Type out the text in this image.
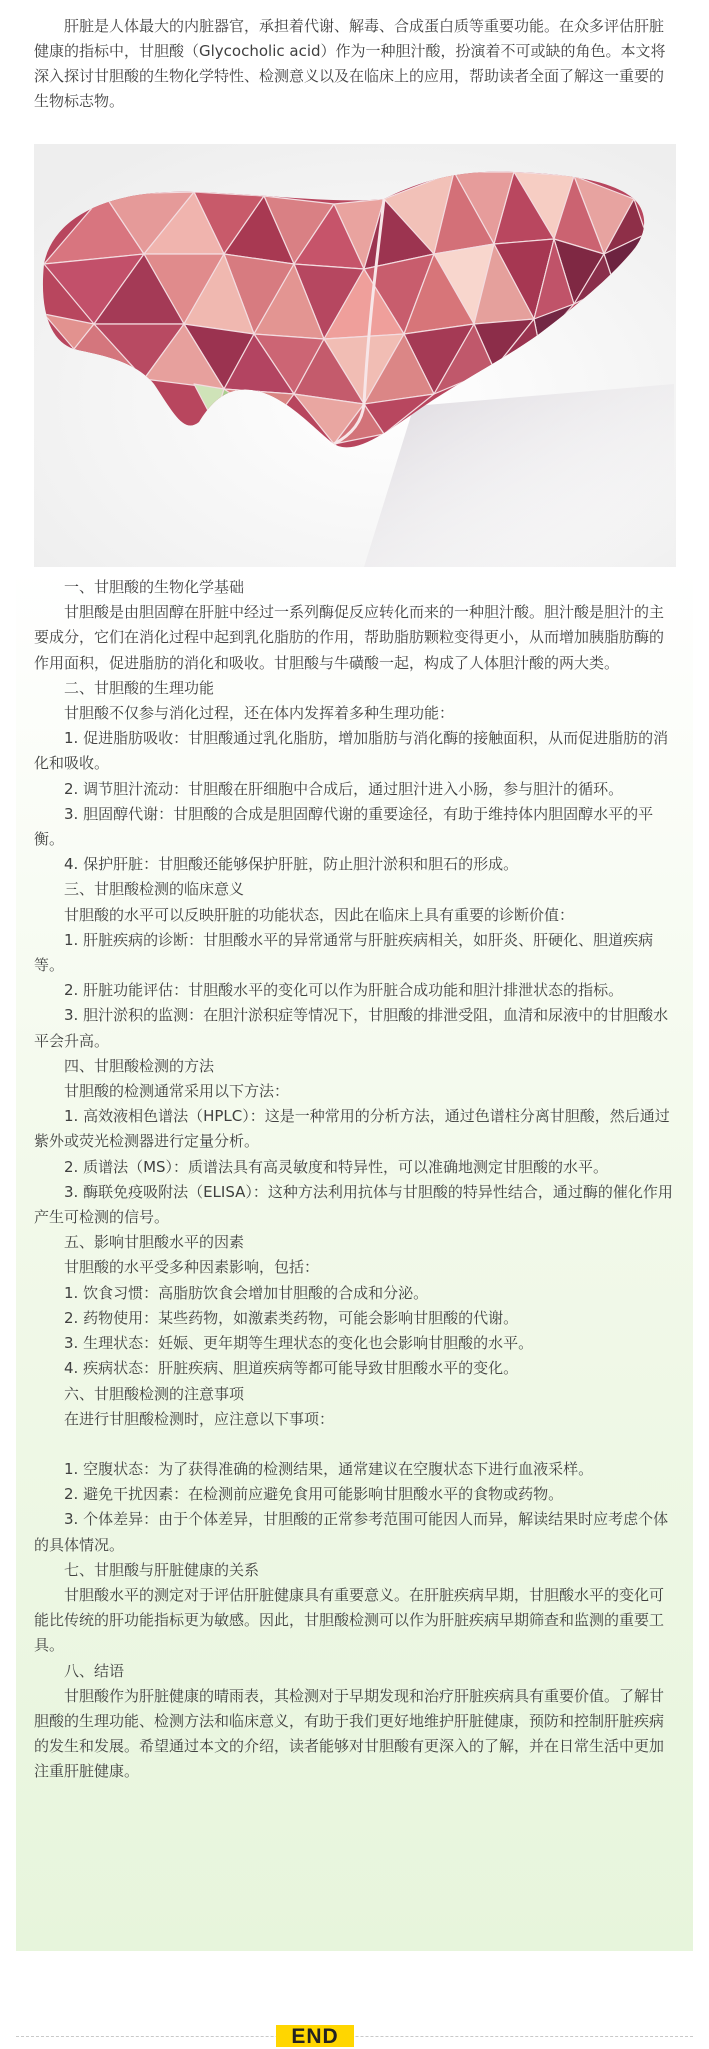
肝脏是人体最大的内脏器官，承担着代谢、解毒、合成蛋白质等重要功能。在众多评估肝脏健康的指标中，甘胆酸（Glycocholic acid）作为一种胆汁酸，扮演着不可或缺的角色。本文将深入探讨甘胆酸的生物化学特性、检测意义以及在临床上的应用，帮助读者全面了解这一重要的生物标志物。

一、甘胆酸的生物化学基础

甘胆酸是由胆固醇在肝脏中经过一系列酶促反应转化而来的一种胆汁酸。胆汁酸是胆汁的主要成分，它们在消化过程中起到乳化脂肪的作用，帮助脂肪颗粒变得更小，从而增加胰脂肪酶的作用面积，促进脂肪的消化和吸收。甘胆酸与牛磺酸一起，构成了人体胆汁酸的两大类。

二、甘胆酸的生理功能

甘胆酸不仅参与消化过程，还在体内发挥着多种生理功能：

1. 促进脂肪吸收：甘胆酸通过乳化脂肪，增加脂肪与消化酶的接触面积，从而促进脂肪的消化和吸收。

2. 调节胆汁流动：甘胆酸在肝细胞中合成后，通过胆汁进入小肠，参与胆汁的循环。

3. 胆固醇代谢：甘胆酸的合成是胆固醇代谢的重要途径，有助于维持体内胆固醇水平的平衡。

4. 保护肝脏：甘胆酸还能够保护肝脏，防止胆汁淤积和胆石的形成。

三、甘胆酸检测的临床意义

甘胆酸的水平可以反映肝脏的功能状态，因此在临床上具有重要的诊断价值：

1. 肝脏疾病的诊断：甘胆酸水平的异常通常与肝脏疾病相关，如肝炎、肝硬化、胆道疾病等。

2. 肝脏功能评估：甘胆酸水平的变化可以作为肝脏合成功能和胆汁排泄状态的指标。

3. 胆汁淤积的监测：在胆汁淤积症等情况下，甘胆酸的排泄受阻，血清和尿液中的甘胆酸水平会升高。

四、甘胆酸检测的方法

甘胆酸的检测通常采用以下方法：

1. 高效液相色谱法（HPLC）：这是一种常用的分析方法，通过色谱柱分离甘胆酸，然后通过紫外或荧光检测器进行定量分析。

2. 质谱法（MS）：质谱法具有高灵敏度和特异性，可以准确地测定甘胆酸的水平。

3. 酶联免疫吸附法（ELISA）：这种方法利用抗体与甘胆酸的特异性结合，通过酶的催化作用产生可检测的信号。

五、影响甘胆酸水平的因素

甘胆酸的水平受多种因素影响，包括：

1. 饮食习惯：高脂肪饮食会增加甘胆酸的合成和分泌。

2. 药物使用：某些药物，如激素类药物，可能会影响甘胆酸的代谢。

3. 生理状态：妊娠、更年期等生理状态的变化也会影响甘胆酸的水平。

4. 疾病状态：肝脏疾病、胆道疾病等都可能导致甘胆酸水平的变化。

六、甘胆酸检测的注意事项

在进行甘胆酸检测时，应注意以下事项：

1. 空腹状态：为了获得准确的检测结果，通常建议在空腹状态下进行血液采样。

2. 避免干扰因素：在检测前应避免食用可能影响甘胆酸水平的食物或药物。

3. 个体差异：由于个体差异，甘胆酸的正常参考范围可能因人而异，解读结果时应考虑个体的具体情况。

七、甘胆酸与肝脏健康的关系

甘胆酸水平的测定对于评估肝脏健康具有重要意义。在肝脏疾病早期，甘胆酸水平的变化可能比传统的肝功能指标更为敏感。因此，甘胆酸检测可以作为肝脏疾病早期筛查和监测的重要工具。

八、结语

甘胆酸作为肝脏健康的晴雨表，其检测对于早期发现和治疗肝脏疾病具有重要价值。了解甘胆酸的生理功能、检测方法和临床意义，有助于我们更好地维护肝脏健康，预防和控制肝脏疾病的发生和发展。希望通过本文的介绍，读者能够对甘胆酸有更深入的了解，并在日常生活中更加注重肝脏健康。

END
